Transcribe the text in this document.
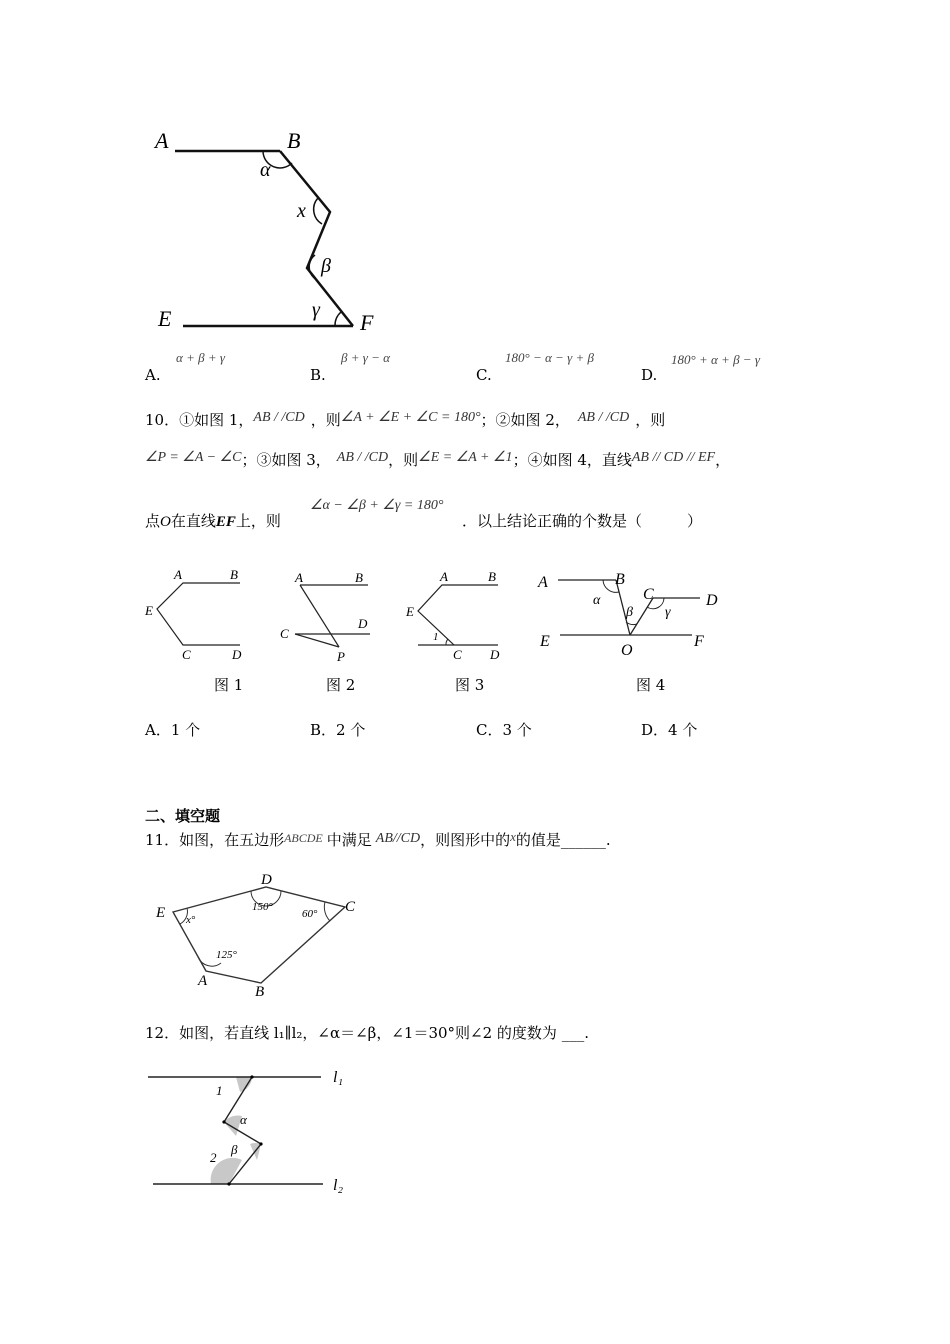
A	B
α
x
β
γ
E	F
A.
α + β + γ
B.
β + γ − α
C.
180° − α − γ + β
D.
180° + α + β − γ
10．①如图 1，AB / /CD ，则∠A + ∠E + ∠C = 180°；②如图 2， AB / /CD ，则
∠P = ∠A − ∠C；③如图 3， AB / /CD，则∠E = ∠A + ∠1；④如图 4，直线AB // CD // EF，
∠α − ∠β + ∠γ = 180°
点O在直线EF上，则	．以上结论正确的个数是（　　　）
A	B
E
C	D
图 1
A	B
C
D
P
图 2
A	B
E
1
C D
图 3
A	B
α	C	D
β γ
E
O
F
图 4
A．1 个	B．2 个	C．3 个	D．4 个
二、填空题
11．如图，在五边形$^{ABCDE}$ 中满足 AB//CD，则图形中的x的值是______.
D
150°
E x°
C
60°
125°
A
B
12．如图，若直线 l₁∥l₂，∠α＝∠β，∠1＝30°则∠2 的度数为 ___.
l₁
1
α
β
2
l₂
